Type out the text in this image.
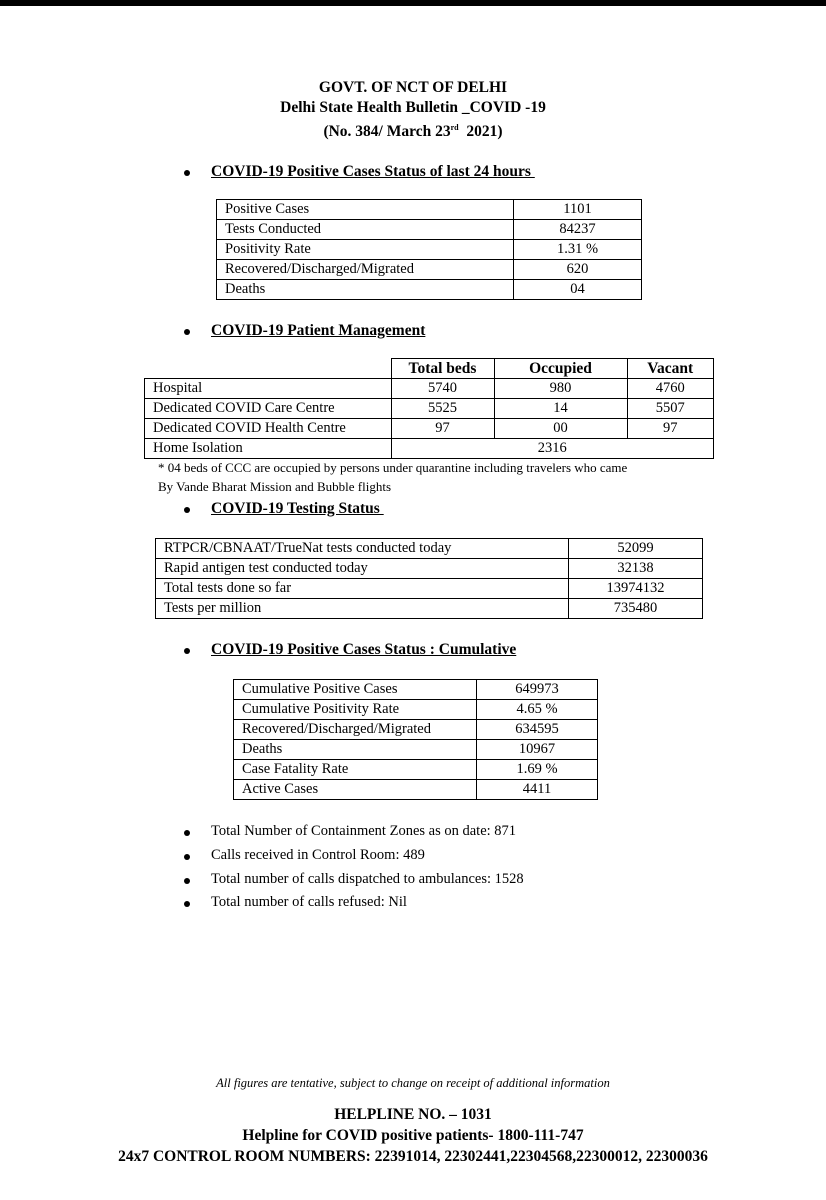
GOVT. OF NCT OF DELHI
Delhi State Health Bulletin _COVID -19
(No. 384/ March 23rd  2021)
COVID-19 Positive Cases Status of last 24 hours
Positive Cases	1101
Tests Conducted	84237
Positivity Rate	1.31 %
Recovered/Discharged/Migrated	620
Deaths	04
COVID-19 Patient Management
	Total beds	Occupied	Vacant
Hospital	5740	980	4760
Dedicated COVID Care Centre	5525	14	5507
Dedicated COVID Health Centre	97	00	97
Home Isolation	2316		
* 04 beds of CCC are occupied by persons under quarantine including travelers who came
By Vande Bharat Mission and Bubble flights
COVID-19 Testing Status
RTPCR/CBNAAT/TrueNat tests conducted today	52099
Rapid antigen test conducted today	32138
Total tests done so far	13974132
Tests per million	735480
COVID-19 Positive Cases Status : Cumulative
Cumulative Positive Cases	649973
Cumulative Positivity Rate	4.65 %
Recovered/Discharged/Migrated	634595
Deaths	10967
Case Fatality Rate	1.69 %
Active Cases	4411
Total Number of Containment Zones as on date: 871
Calls received in Control Room: 489
Total number of calls dispatched to ambulances: 1528
Total number of calls refused: Nil
All figures are tentative, subject to change on receipt of additional information
HELPLINE NO. – 1031
Helpline for COVID positive patients- 1800-111-747
24x7 CONTROL ROOM NUMBERS: 22391014, 22302441,22304568,22300012, 22300036
